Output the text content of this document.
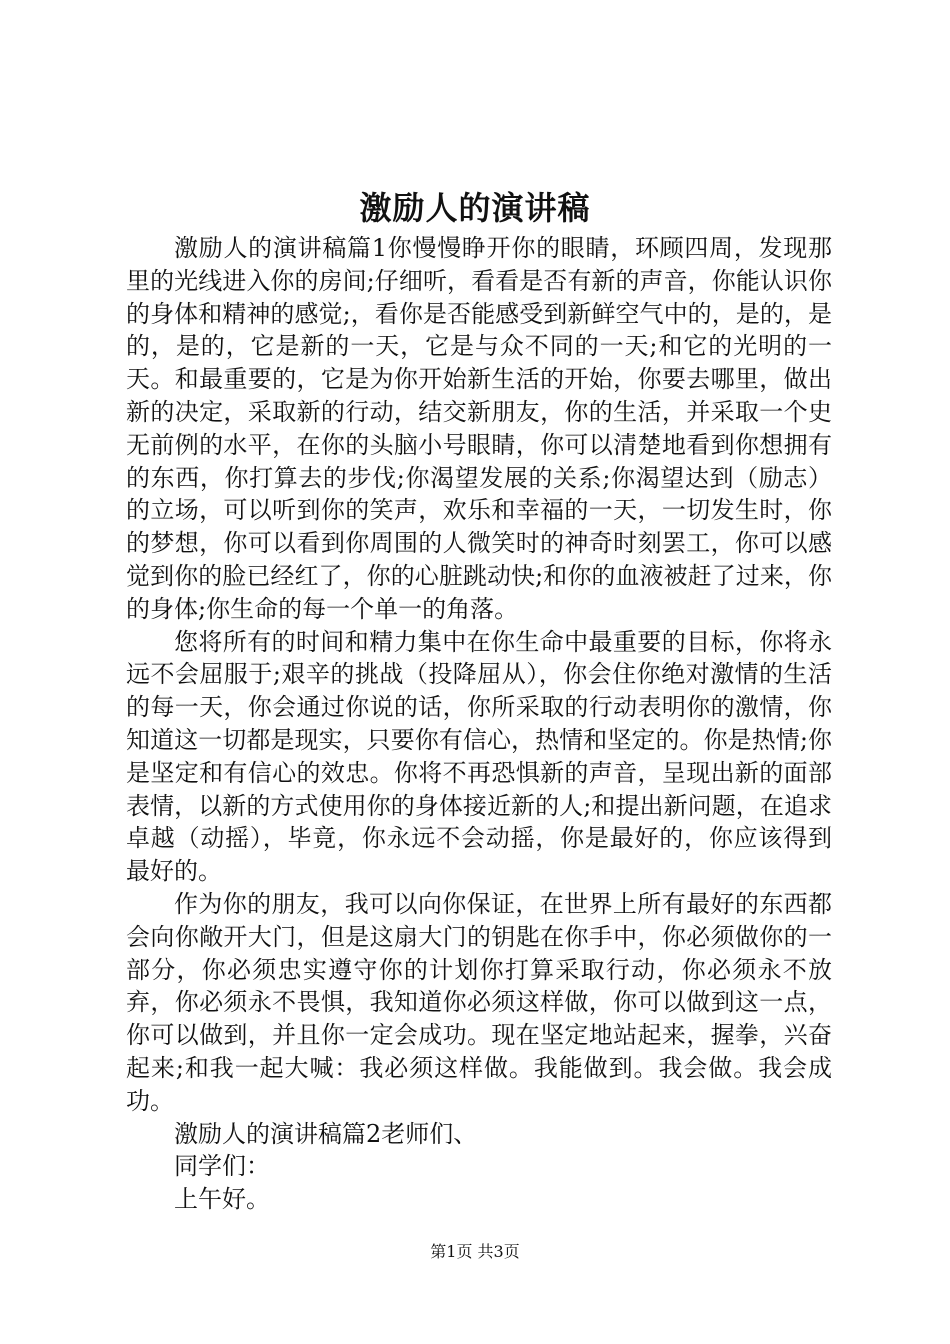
激励人的演讲稿

激励人的演讲稿篇1你慢慢睁开你的眼睛，环顾四周，发现那里的光线进入你的房间;仔细听，看看是否有新的声音，你能认识你的身体和精神的感觉;，看你是否能感受到新鲜空气中的，是的，是的，是的，它是新的一天，它是与众不同的一天;和它的光明的一天。和最重要的，它是为你开始新生活的开始，你要去哪里，做出新的决定，采取新的行动，结交新朋友，你的生活，并采取一个史无前例的水平，在你的头脑小号眼睛，你可以清楚地看到你想拥有的东西，你打算去的步伐;你渴望发展的关系;你渴望达到（励志）的立场，可以听到你的笑声，欢乐和幸福的一天，一切发生时，你的梦想，你可以看到你周围的人微笑时的神奇时刻罢工，你可以感觉到你的脸已经红了，你的心脏跳动快;和你的血液被赶了过来，你的身体;你生命的每一个单一的角落。

您将所有的时间和精力集中在你生命中最重要的目标，你将永远不会屈服于;艰辛的挑战（投降屈从），你会住你绝对激情的生活的每一天，你会通过你说的话，你所采取的行动表明你的激情，你知道这一切都是现实，只要你有信心，热情和坚定的。你是热情;你是坚定和有信心的效忠。你将不再恐惧新的声音，呈现出新的面部表情，以新的方式使用你的身体接近新的人;和提出新问题，在追求卓越（动摇），毕竟，你永远不会动摇，你是最好的，你应该得到最好的。

作为你的朋友，我可以向你保证，在世界上所有最好的东西都会向你敞开大门，但是这扇大门的钥匙在你手中，你必须做你的一部分，你必须忠实遵守你的计划你打算采取行动，你必须永不放弃，你必须永不畏惧，我知道你必须这样做，你可以做到这一点，你可以做到，并且你一定会成功。现在坚定地站起来，握拳，兴奋起来;和我一起大喊：我必须这样做。我能做到。我会做。我会成功。

激励人的演讲稿篇2老师们、

同学们：

上午好。

第1页 共3页
